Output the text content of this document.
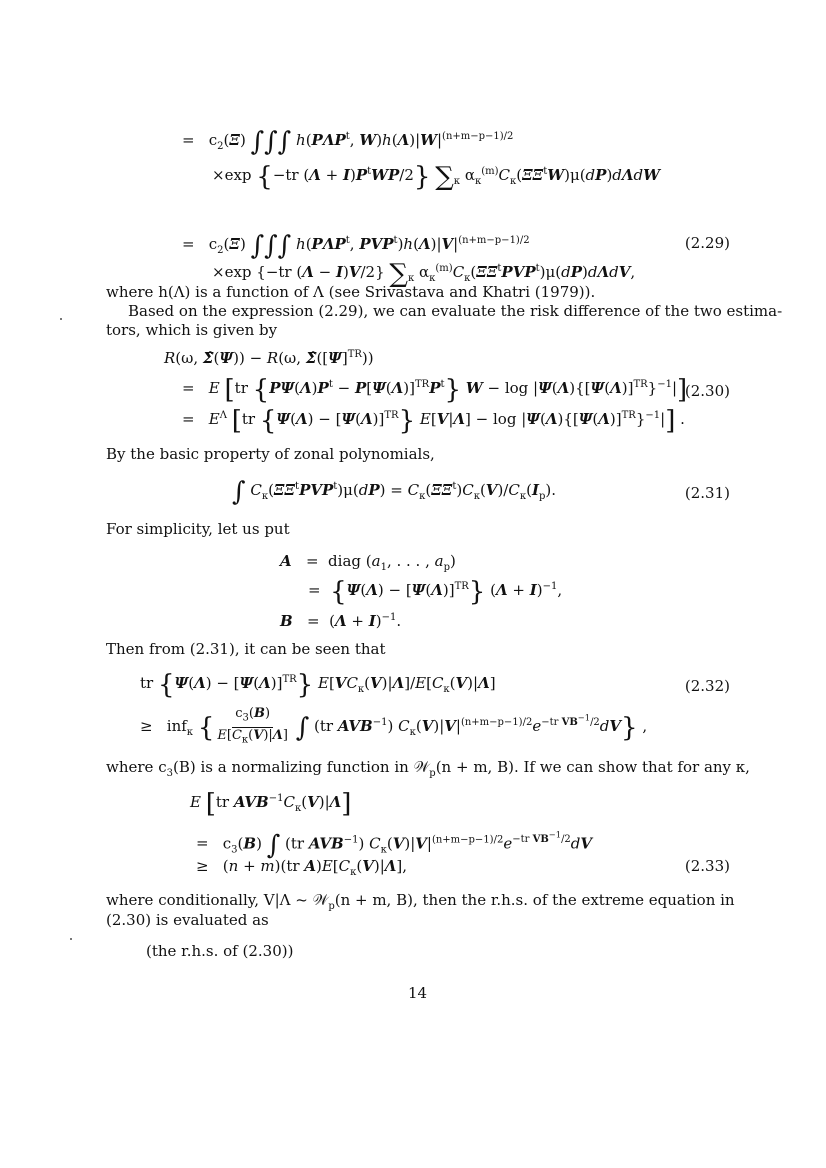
= $c_2(\Xi)$ ∫∫∫ h(PΛP$^t$, $W)h(\Lambda)|W|^{(n+m-p-1)/2}$
×exp {−tr $(\Lambda + I)P^tWP/2$} $\sum_\kappa$ $\alpha_\kappa^{(m)}C_\kappa(\Xi\Xi^tW)\mu(dP)d\Lambda dW$
= $c_2(\Xi)$ ∫∫∫ h(PΛP$^t$, $PVP^t)h(\Lambda)|V|^{(n+m-p-1)/2}$	(2.29)
×exp {−tr (Λ − I)V/2} $\sum_\kappa$ $\alpha_\kappa^{(m)}C_\kappa(\Xi\Xi^tPVP^t)\mu(dP)d\Lambda dV$,
where h(Λ) is a function of Λ (see Srivastava and Khatri (1979)).
Based on the expression (2.29), we can evaluate the risk difference of the two estima-
tors, which is given by
R(ω, Σ̂(Ψ)) − R(ω, $\Sigmâ([\Psi]^{TR})$)
= E [tr $\{P\Psi(\Lambda)P^t - P[\Psi(\Lambda)]^{TR}P^t\} W - \log |\Psi(\Lambda)\{[\Psi(\Lambda)]^{TR}\}^{-1}|$]
(2.30)
= $E^\Lambda$ [tr $\{\Psi(\Lambda) - [\Psi(\Lambda)]^{TR}\}$ $E[V|\Lambda] - \log |\Psi(\Lambda)\{[\Psi(\Lambda)]^{TR}\}^{-1}|$] .
By the basic property of zonal polynomials,
∫ $C_\kappa(\Xi\Xi^tPVP^t)\mu(dP) = C_\kappa(\Xi\Xi^t)C_\kappa(V)/C_\kappa(I_p)$.	(2.31)
For simplicity, let us put
A   =  diag ($a_1$, . . . , $a_p$)
=  $\{\Psi(\Lambda) - [\Psi(\Lambda)]^{TR}\}$ $(\Lambda + I)^{-1}$,
$B = (\Lambda + I)^{-1}$.
Then from (2.31), it can be seen that
tr $\{\Psi(\Lambda) - [\Psi(\Lambda)]^{TR}\}$ $E[VC_\kappa(V)|\Lambda]/E[C_\kappa(V)|\Lambda]$	(2.32)
≥ inf$_\kappa$ { $\frac{c_3(B)}{E[C_\kappa(V)|\Lambda]}$ ∫ (tr $AVB^{-1}$) $C_\kappa(V)|V|^{(n+m-p-1)/2}e^{-tr VB^{-1}/2}dV$} ,
where $c_3(B)$ is a normalizing function in 𝒲$_p$(n + m, B). If we can show that for any κ,
E [tr $AVB^{-1}C_\kappa(V)|\Lambda$]
= $c_3(B)$ ∫ (tr $AVB^{-1}$) $C_\kappa(V)|V|^{(n+m-p-1)/2}e^{-tr VB^{-1}/2}dV$
≥ (n + m)(tr $A)E[C_\kappa(V)|\Lambda]$,	(2.33)
where conditionally, V|Λ ~ 𝒲$_p$(n + m, B), then the r.h.s. of the extreme equation in
(2.30) is evaluated as
(the r.h.s. of (2.30))
14
